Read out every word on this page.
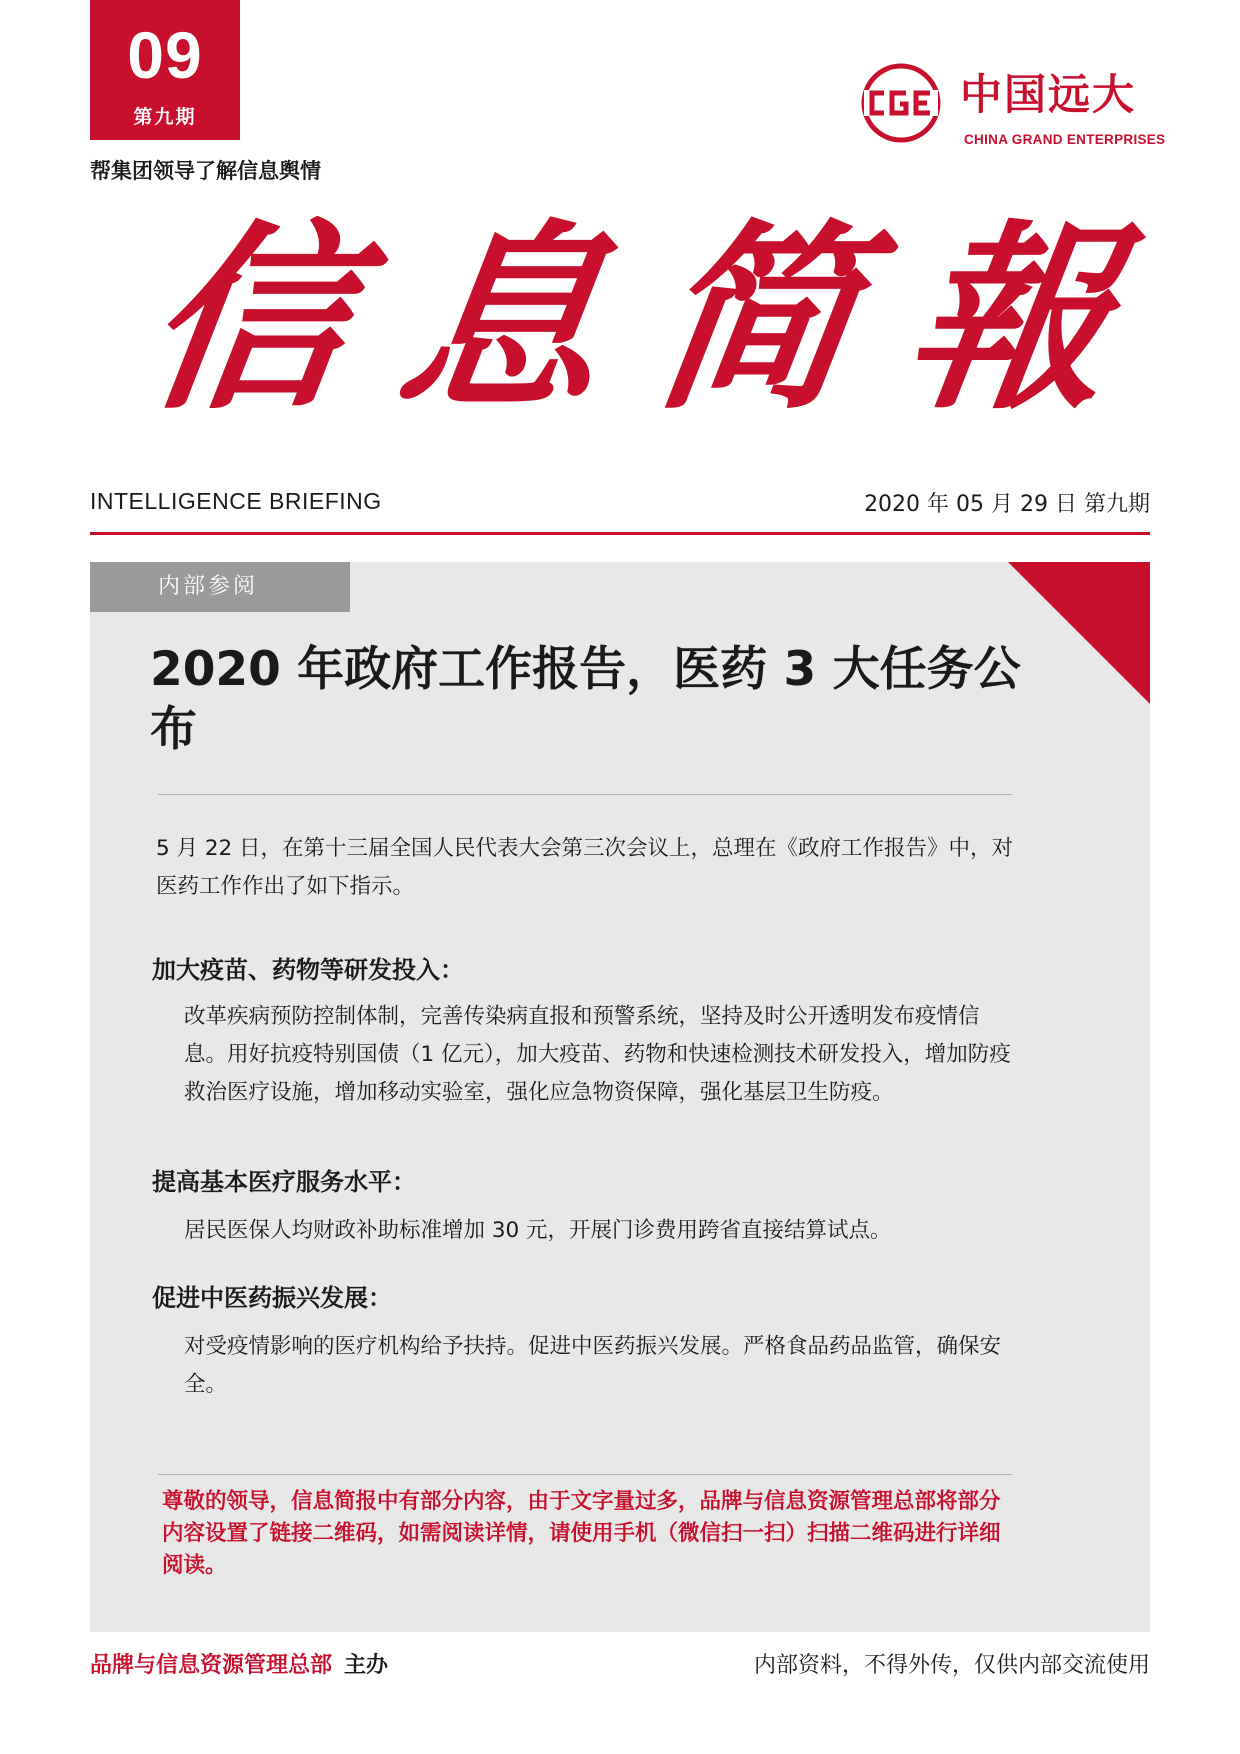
09
第九期
帮集团领导了解信息舆情
中国远大
CHINA GRAND ENTERPRISES
信 息 简 報
INTELLIGENCE BRIEFING	2020 年 05 月 29 日 第九期
内部参阅
2020 年政府工作报告，医药 3 大任务公布

5 月 22 日，在第十三届全国人民代表大会第三次会议上，总理在《政府工作报告》中，对医药工作作出了如下指示。

加大疫苗、药物等研发投入：

改革疾病预防控制体制，完善传染病直报和预警系统，坚持及时公开透明发布疫情信息。用好抗疫特别国债（1 亿元），加大疫苗、药物和快速检测技术研发投入，增加防疫救治医疗设施，增加移动实验室，强化应急物资保障，强化基层卫生防疫。

提高基本医疗服务水平：

居民医保人均财政补助标准增加 30 元，开展门诊费用跨省直接结算试点。

促进中医药振兴发展：

对受疫情影响的医疗机构给予扶持。促进中医药振兴发展。严格食品药品监管，确保安全。

尊敬的领导，信息简报中有部分内容，由于文字量过多，品牌与信息资源管理总部将部分内容设置了链接二维码，如需阅读详情，请使用手机（微信扫一扫）扫描二维码进行详细阅读。

品牌与信息资源管理总部 主办	内部资料，不得外传，仅供内部交流使用
